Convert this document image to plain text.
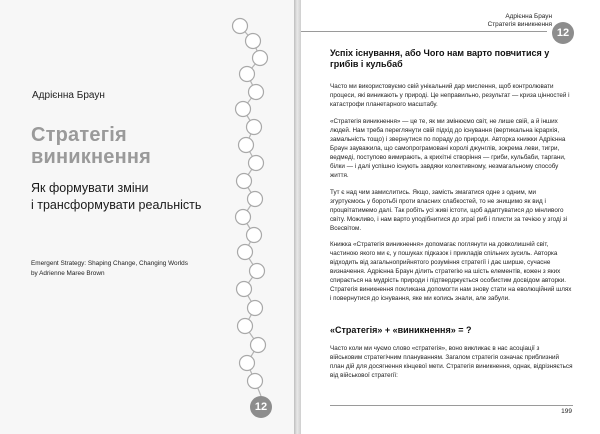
Адрієнна Браун
Стратегія виникнення
Як формувати зміни
і трансформувати реальність
Emergent Strategy: Shaping Change, Changing Worlds
by Adrienne Maree Brown
12
Адрієнна Браун
Стратегія виникнення
12
Успіх існування, або Чого нам варто повчитися у грибів і кульбаб

Часто ми використовуємо свій унікальний дар мислення, щоб контролювати процеси, які виникають у природі. Це неправильно, результат — криза цінностей і катастрофи планетарного масштабу.

«Стратегія виникнення» — це те, як ми змінюємо світ, не лише свій, а й інших людей. Нам треба переглянути свій підхід до існування (вертикальна ієрархія, замальність тощо) і звернутися по пораду до природи. Авторка книжки Адрієнна Браун зауважила, що самопрограмовані королі джунглів, зокрема леви, тигри, ведмеді, поступово вимирають, а крихітні створіння — гриби, кульбаби, таргани, білки — і далі успішно існують завдяки колективному, незмагальному способу життя.

Тут є над чим замислитись. Якщо, замість змагатися одне з одним, ми згуртуємось у боротьбі проти власних слабкостей, то не знищимо як вид і процвітатимемо далі. Так робіть усі живі істоти, щоб адаптуватися до мінливого світу. Можливо, і нам варто уподібнитися до зграї риб і плисти за течією у згоді зі Всесвітом.

Книжка «Стратегія виникнення» допомагає поглянути на довколишній світ, частиною якого ми є, у пошуках підказок і прикладів спільних зусиль. Авторка відходить від загальноприйнятого розуміння стратегії і дає ширше, сучасне визначення. Адрієнна Браун ділить стратегію на шість елементів, кожен з яких спирається на мудрість природи і підтверджується особистим досвідом авторки. Стратегія виникнення покликана допомогти нам знову стати на еволюційний шлях і повернутися до існування, яке ми колись знали, але забули.

«Стратегія» + «виникнення» = ?

Часто коли ми чуємо слово «стратегія», воно викликає в нас асоціації з військовим стратегічним плануванням. Загалом стратегія означає приблизний план дій для досягнення кінцевої мети. Стратегія виникнення, однак, відрізняється від військової стратегії:

199
